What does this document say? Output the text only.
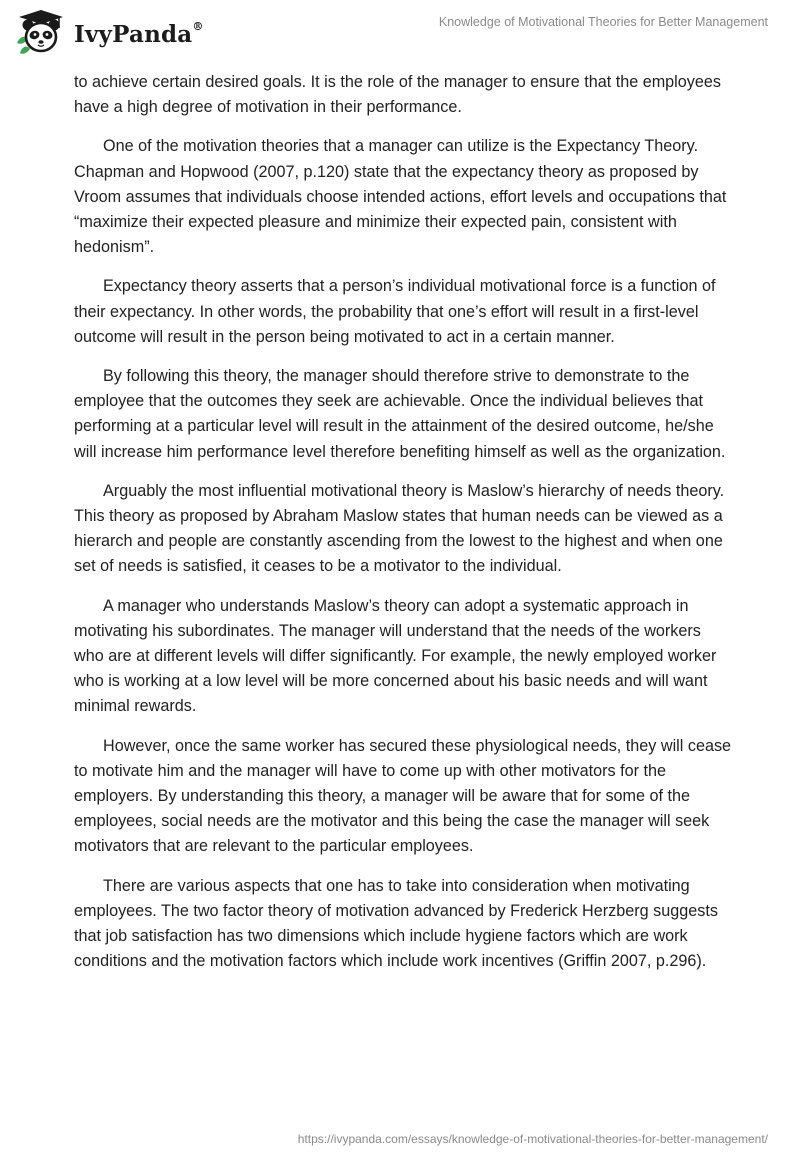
IvyPanda®	Knowledge of Motivational Theories for Better Management

to achieve certain desired goals. It is the role of the manager to ensure that the employees have a high degree of motivation in their performance.

One of the motivation theories that a manager can utilize is the Expectancy Theory. Chapman and Hopwood (2007, p.120) state that the expectancy theory as proposed by Vroom assumes that individuals choose intended actions, effort levels and occupations that “maximize their expected pleasure and minimize their expected pain, consistent with hedonism”.

Expectancy theory asserts that a person’s individual motivational force is a function of their expectancy. In other words, the probability that one’s effort will result in a first-level outcome will result in the person being motivated to act in a certain manner.

By following this theory, the manager should therefore strive to demonstrate to the employee that the outcomes they seek are achievable. Once the individual believes that performing at a particular level will result in the attainment of the desired outcome, he/she will increase him performance level therefore benefiting himself as well as the organization.

Arguably the most influential motivational theory is Maslow’s hierarchy of needs theory. This theory as proposed by Abraham Maslow states that human needs can be viewed as a hierarch and people are constantly ascending from the lowest to the highest and when one set of needs is satisfied, it ceases to be a motivator to the individual.

A manager who understands Maslow’s theory can adopt a systematic approach in motivating his subordinates. The manager will understand that the needs of the workers who are at different levels will differ significantly. For example, the newly employed worker who is working at a low level will be more concerned about his basic needs and will want minimal rewards.

However, once the same worker has secured these physiological needs, they will cease to motivate him and the manager will have to come up with other motivators for the employers. By understanding this theory, a manager will be aware that for some of the employees, social needs are the motivator and this being the case the manager will seek motivators that are relevant to the particular employees.

There are various aspects that one has to take into consideration when motivating employees. The two factor theory of motivation advanced by Frederick Herzberg suggests that job satisfaction has two dimensions which include hygiene factors which are work conditions and the motivation factors which include work incentives (Griffin 2007, p.296).

https://ivypanda.com/essays/knowledge-of-motivational-theories-for-better-management/
